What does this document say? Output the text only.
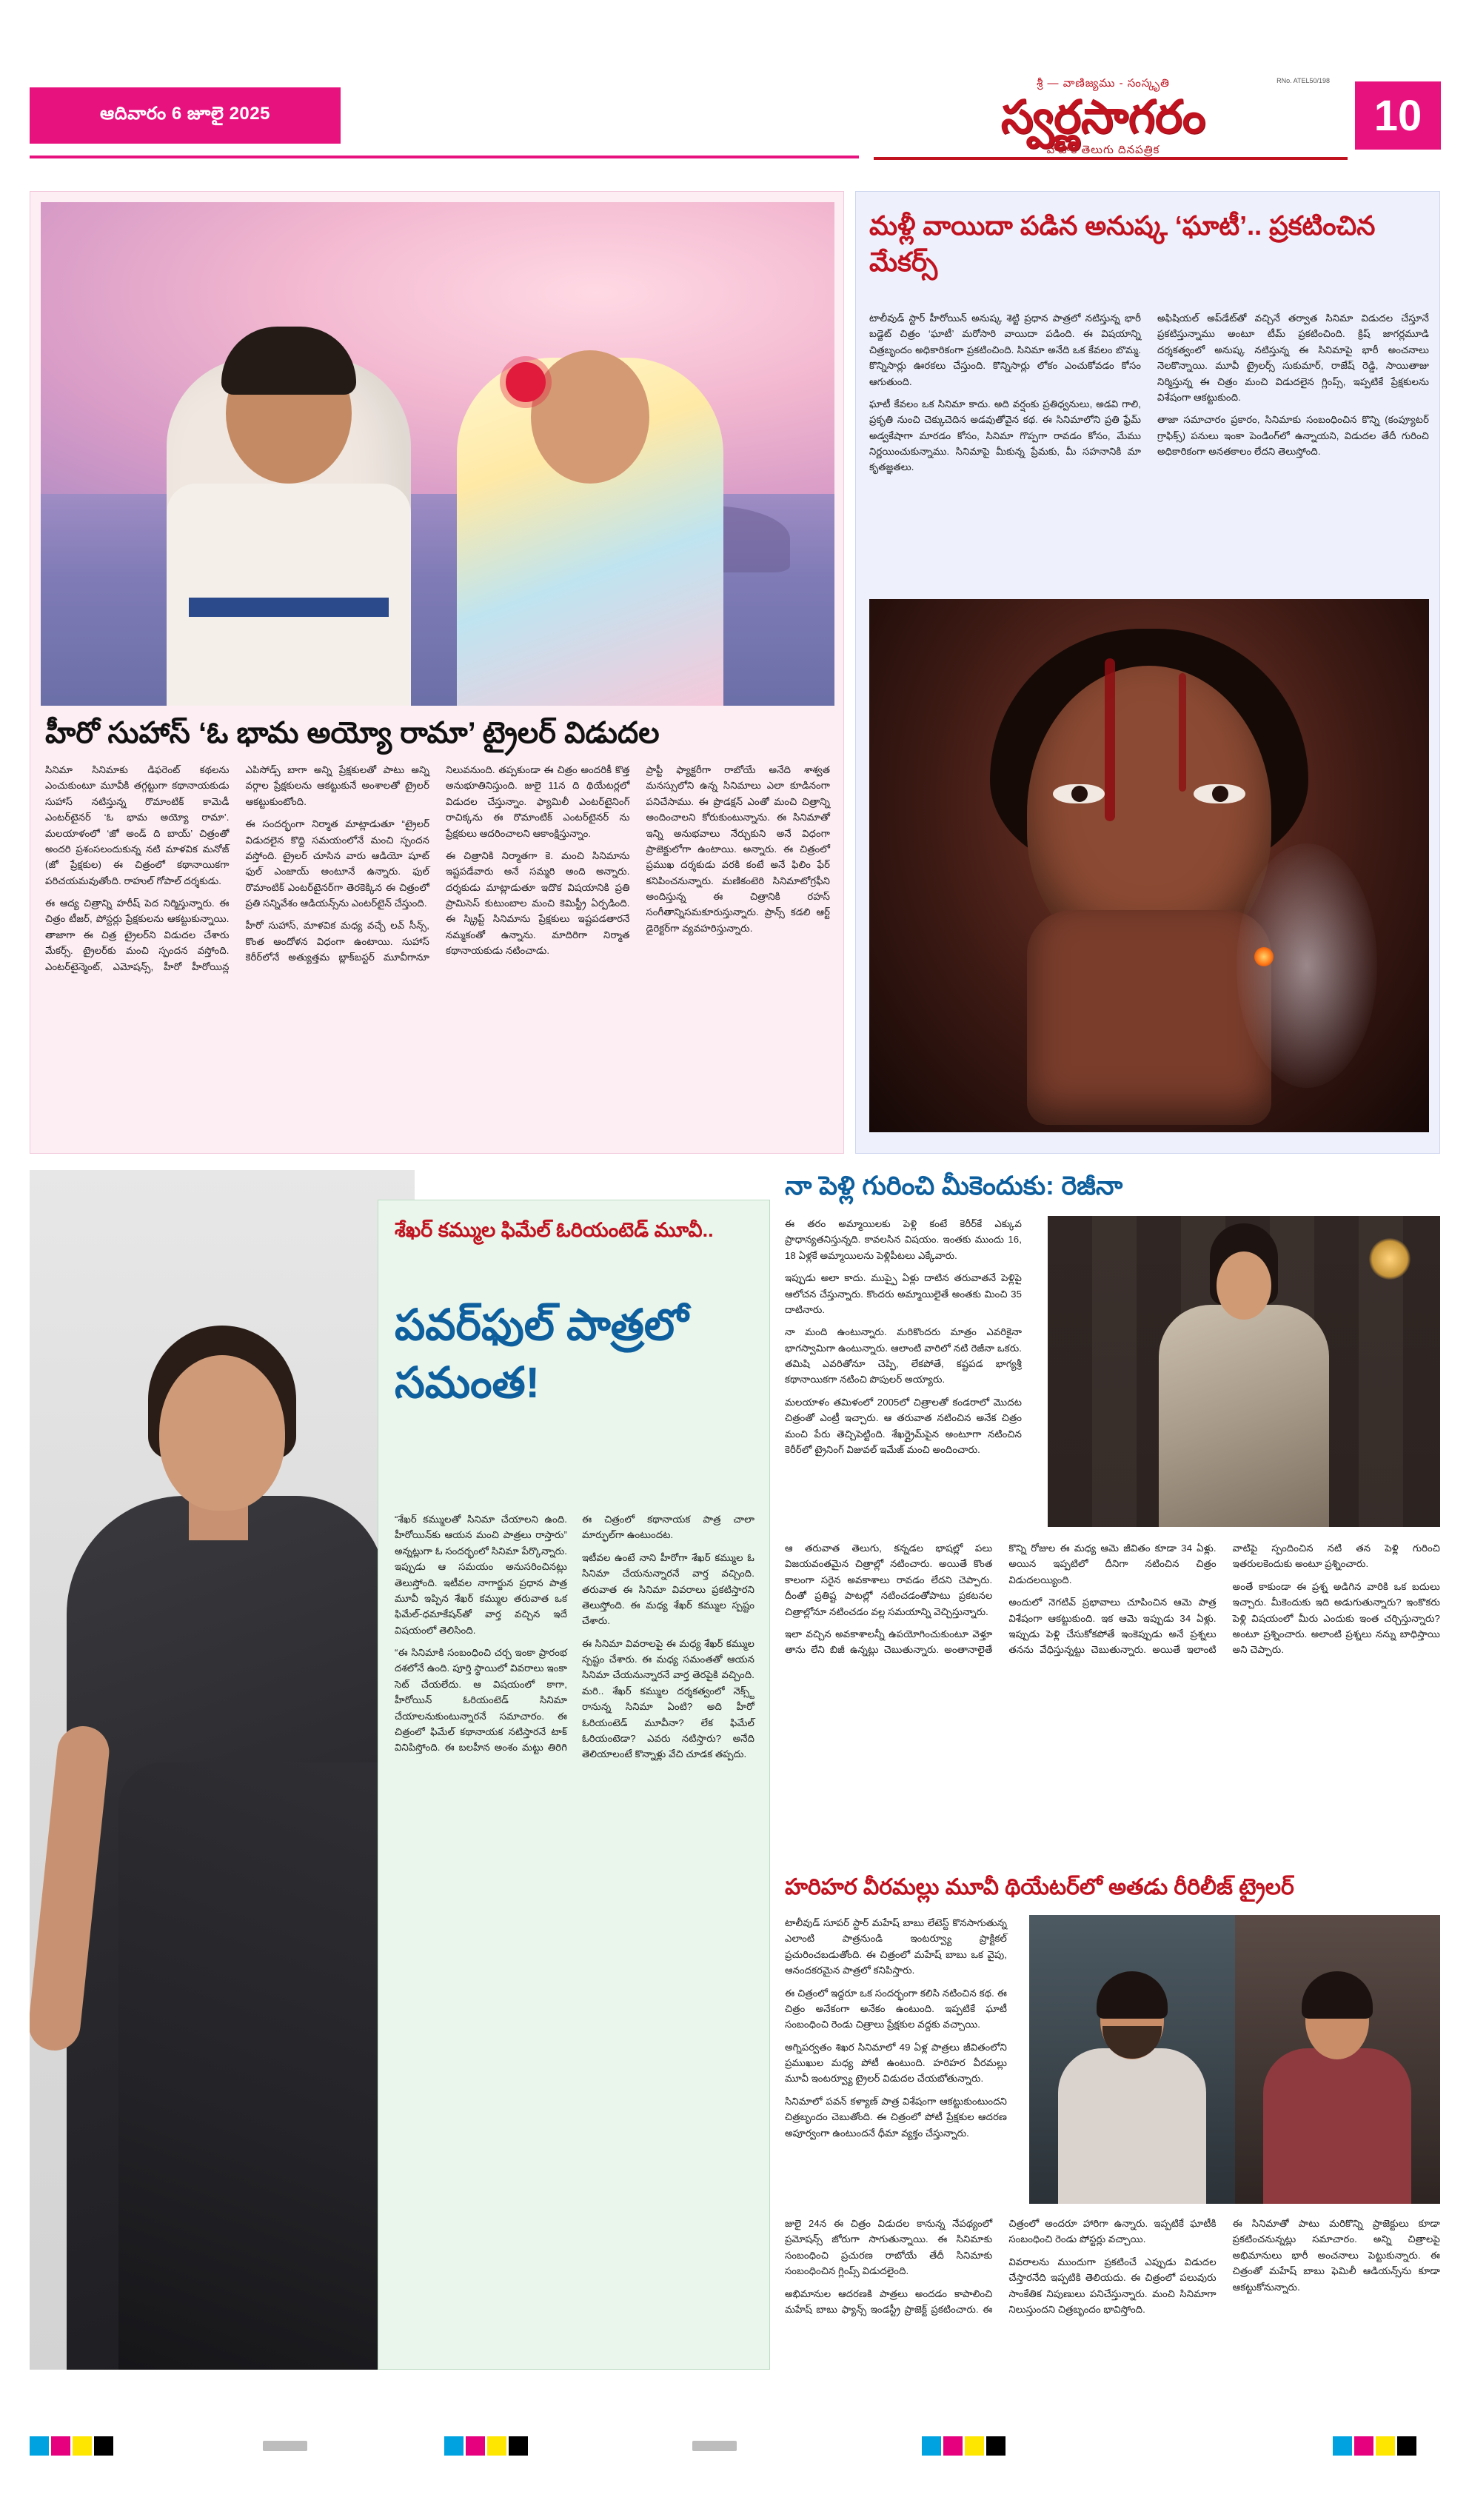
ఆదివారం 6 జూలై 2025
RNo. ATEL50/198
శ్రీ — వాణిజ్యము - సంస్కృతి
స్వర్ణసాగరం
వాహక తెలుగు దినపత్రిక
10
హీరో సుహాస్ ‘ఓ భామ అయ్యో రామా’ ట్రైలర్ విడుదల

సినిమా సినిమాకు డిఫరెంట్ కథలను ఎంచుకుంటూ మూవీకి తగ్గట్టుగా కథానాయకుడు సుహాస్ నటిస్తున్న రొమాంటిక్ కామెడీ ఎంటర్‌టైనర్ ‘ఓ భామ అయ్యో రామా’. మలయాళంలో ‘జో అండ్ ది బాయ్’ చిత్రంతో అందరి ప్రశంసలందుకున్న నటి మాళవిక మనోజ్ (జో ప్రేక్షకుల) ఈ చిత్రంలో కథానాయికగా పరిచయమవుతోంది. రాహుల్ గోపాల్ దర్శకుడు.

ఈ ఆద్య చిత్రాన్ని హరీష్ పెద నిర్మిస్తున్నారు. ఈ చిత్రం టీజర్, పోస్టర్లు ప్రేక్షకులను ఆకట్టుకున్నాయి. తాజాగా ఈ చిత్ర ట్రైలర్‌ని విడుదల చేశారు మేకర్స్. ట్రైలర్‌కు మంచి స్పందన వస్తోంది. ఎంటర్‌టైన్మెంట్, ఎమోషన్స్, హీరో హీరోయిన్ల ఎపిసోడ్స్ బాగా అన్ని ప్రేక్షకులతో పాటు అన్ని వర్గాల ప్రేక్షకులను ఆకట్టుకునే అంశాలతో ట్రైలర్ ఆకట్టుకుంటోంది.

ఈ సందర్భంగా నిర్మాత మాట్లాడుతూ “ట్రైలర్ విడుదలైన కొద్ది సమయంలోనే మంచి స్పందన వస్తోంది. ట్రైలర్ చూసిన వారు ఆడియో షూట్ ఫుల్ ఎంజాయ్ అంటూనే ఉన్నారు. ఫుల్ రొమాంటిక్ ఎంటర్‌టైనర్‌గా తెరకెక్కిన ఈ చిత్రంలో ప్రతి సన్నివేశం ఆడియన్స్‌ను ఎంటర్‌టైన్ చేస్తుంది.

హీరో సుహాస్, మాళవిక మధ్య వచ్చే లవ్ సీన్స్, కొంత ఆందోళన విధంగా ఉంటాయి. సుహాస్ కెరీర్‌లోనే అత్యుత్తమ బ్లాక్‌బస్టర్ మూవీగానూ నిలువనుంది. తప్పకుండా ఈ చిత్రం అందరికీ కొత్త అనుభూతినిస్తుంది. జులై 11న ది థియేటర్లలో విడుదల చేస్తున్నాం. ఫ్యామిలీ ఎంటర్‌టైనింగ్ రాచిక్కను ఈ రొమాంటిక్ ఎంటర్‌టైనర్ ను ప్రేక్షకులు ఆదరించాలని ఆకాంక్షిస్తున్నాం.

ఈ చిత్రానికి నిర్మాతగా కె. మంచి సినిమాను ఇష్టపడేవారు అనే సమ్మరి అంది అన్నారు. దర్శకుడు మాట్లాడుతూ ఇదొక విషయానికి ప్రతి ప్రామిసెస్ కుటుంబాల మంచి కెమిస్ట్రీ ఏర్పడింది. ఈ స్క్రిప్ట్ సినిమాను ప్రేక్షకులు ఇష్టపడతారనే నమ్మకంతో ఉన్నాను. మాదిరిగా నిర్మాత కథానాయకుడు నటించాడు.

ప్రాప్టీ ఫ్యాక్టరీగా రాబోయే అనేది శాశ్వత మనస్సులోని ఉన్న సినిమాలు ఎలా కూడినంగా పనిచేసాము. ఈ ప్రొడక్షన్ ఎంతో మంచి చిత్రాన్ని అందించాలని కోరుకుంటున్నాను. ఈ సినిమాతో ఇన్ని అనుభవాలు నేర్చుకుని అనే విధంగా ప్రాజెక్టులోగా ఉంటాయి. అన్నారు. ఈ చిత్రంలో ప్రముఖ దర్శకుడు వరకి కంటే అనే ఫిలిం ఫేర్ కనిపించనున్నారు. మణికంటెరి సినిమాటోగ్రఫీని అందిస్తున్న ఈ చిత్రానికి రహస్ సంగీతాన్నిసమకూరుస్తున్నారు. ప్రాన్స్ కడలి ఆర్ట్ డైరెక్టర్‌గా వ్యవహరిస్తున్నారు.

మళ్లీ వాయిదా పడిన అనుష్క ‘ఘాటీ’.. ప్రకటించిన మేకర్స్

టాలీవుడ్ స్టార్ హీరోయిన్ అనుష్క శెట్టి ప్రధాన పాత్రలో నటిస్తున్న భారీ బడ్జెట్ చిత్రం ‘ఘాటీ’ మరోసారి వాయిదా పడింది. ఈ విషయాన్ని చిత్రబృందం అధికారికంగా ప్రకటించింది. సినిమా అనేది ఒక కేవలం బొమ్మ. కొన్నిసార్లు ఊరకలు చేస్తుంది. కొన్నిసార్లు లోకం ఎంచుకోవడం కోసం ఆగుతుంది.

ఘాటీ కేవలం ఒక సినిమా కాదు. అది వర్షంకు ప్రతిధ్వనులు, అడవి గాలి, ప్రకృతి నుంచి చెక్కుచెదిన అడవుతోవైన కథ. ఈ సినిమాలోని ప్రతి ఫ్రేమ్ అడ్వకేషాగా మారడం కోసం, సినిమా గొప్పగా రావడం కోసం, మేము నిర్ణయించుకున్నాము. సినిమాపై మీకున్న ప్రేమకు, మీ సహనానికి మా కృతజ్ఞతలు.

అఫిషియల్ అప్‌డేట్‌తో వచ్చినే తర్వాత సినిమా విడుదల చేస్తూనే ప్రకటిస్తున్నాము అంటూ టీమ్ ప్రకటించింది. క్రిష్ జాగర్లమూడి దర్శకత్వంలో అనుష్క నటిస్తున్న ఈ సినిమాపై భారీ అంచనాలు నెలకొన్నాయి. మూవీ ట్రైలర్స్ సుకుమార్, రాజేష్ రెడ్డి, సాయితాజు నిర్మిస్తున్న ఈ చిత్రం మంచి విడుదలైన గ్లింప్స్, ఇప్పటికే ప్రేక్షకులను విశేషంగా ఆకట్టుకుంది.

తాజా సమాచారం ప్రకారం, సినిమాకు సంబంధించిన కొన్ని (కంప్యూటర్ గ్రాఫిక్స్) పనులు ఇంకా పెండింగ్‌లో ఉన్నాయని, విడుదల తేదీ గురించి అధికారికంగా అనతకాలం లేదని తెలుస్తోంది.

శేఖర్ కమ్ముల ఫిమేల్ ఓరియంటెడ్ మూవీ..
పవర్‌ఫుల్ పాత్రలో సమంత!

“శేఖర్ కమ్ములతో సినిమా చేయాలని ఉంది. హీరోయిన్‌కు ఆయన మంచి పాత్రలు రాస్తారు” అన్నట్లుగా ఓ సందర్భంలో సినిమా పేర్కొన్నారు. ఇప్పుడు ఆ సమయం అనుసరించినట్లు తెలుస్తోంది. ఇటీవల నాగార్జున ప్రధాన పాత్ర మూవీ ఇప్పిన శేఖర్ కమ్ముల తరువాత ఒక ఫిమేల్-ధమాకేషన్‌తో వార్త వచ్చిన ఇదే విషయంలో తెలిసింది.

“ఈ సినిమాకి సంబంధించి చర్చ ఇంకా ప్రారంభ దశలోనే ఉంది. పూర్తి స్థాయిలో వివరాలు ఇంకా సెట్ చేయలేదు. ఆ విషయంలో కాగా, హీరోయిన్ ఓరియంటెడ్ సినిమా చేయాలనుకుంటున్నారనే సమాచారం. ఈ చిత్రంలో ఫిమేల్ కథానాయక నటిస్తారనే టాక్ వినిపిస్తోంది. ఈ బలహీన అంశం మట్టు తిరిగి ఈ చిత్రంలో కథానాయక పాత్ర చాలా మార్ఫుల్‌గా ఉంటుందట.

ఇటీవల ఉంటే నాని హీరోగా శేఖర్ కమ్ముల ఓ సినిమా చేయనున్నారనే వార్త వచ్చింది. తరువాత ఈ సినిమా వివరాలు ప్రకటిస్తారని తెలుస్తోంది. ఈ మధ్య శేఖర్ కమ్ముల స్పష్టం చేశారు.

ఈ సినిమా వివరాలపై ఈ మధ్య శేఖర్ కమ్ముల స్పష్టం చేశారు. ఈ మధ్య సమంతతో ఆయన సినిమా చేయనున్నారనే వార్త తెరపైకి వచ్చింది. మరి.. శేఖర్ కమ్ముల దర్శకత్వంలో నెక్స్ట్ రానున్న సినిమా ఏంటి? అది హీరో ఓరియంటెడ్ మూవీనా? లేక ఫిమేల్ ఓరియంటెడా? ఎవరు నటిస్తారు? అనేది తెలియాలంటే కొన్నాళ్లు వేచి చూడక తప్పదు.

నా పెళ్లి గురించి మీకెందుకు: రెజీనా

ఈ తరం అమ్మాయిలకు పెళ్లి కంటే కెరీర్‌కే ఎక్కువ ప్రాధాన్యతనిస్తున్నది. కావలసిన విషయం. ఇంతకు ముందు 16, 18 ఏళ్లకే అమ్మాయిలను పెళ్లిపీటలు ఎక్కేవారు.

ఇప్పుడు అలా కాదు. ముప్పై ఏళ్లు దాటిన తరువాతనే పెళ్లిపై ఆలోచన చేస్తున్నారు. కొందరు అమ్మాయిలైతే అంతకు మించి 35 దాటినారు.

నా మంది ఉంటున్నారు. మరికొందరు మాత్రం ఎవరికైనా భాగస్వామిగా ఉంటున్నారు. ఆలాంటి వారిలో నటి రెజీనా ఒకరు. తమిషి ఎవరితోనూ చెప్పి, లేకపోతే, కష్టపడ భాగ్యశ్రీ కథానాయికగా నటించి పొపులర్ అయ్యారు.

మలయాళం తమిళంలో 2005లో చిత్రాలతో కండరాలో మొదట చిత్రంతో ఎంట్రీ ఇచ్చారు. ఆ తరువాత నటించిన అనేక చిత్రం మంచి పేరు తెచ్చిపెట్టింది. శేఖర్ల్రైమ్‌పైన అంటూగా నటించిన కెరీర్‌లో ట్రైనింగ్ విజువల్ ఇమేజ్ మంచి అందించారు.

ఆ తరువాత తెలుగు, కన్నడల భాషల్లో పలు విజయవంతమైన చిత్రాల్లో నటించారు. అయితే కొంత కాలంగా సరైన అవకాశాలు రావడం లేదని చెప్పారు. దీంతో ప్రతిష్ట పాటల్లో నటించడంతోపాటు ప్రకటనల చిత్రాల్లోనూ నటించడం వల్ల సమయాన్ని వెచ్చిస్తున్నారు.

ఇలా వచ్చిన అవకాశాలన్నీ ఉపయోగించుకుంటూ వెళ్తూ తాను లేని బిజీ ఉన్నట్లు చెబుతున్నారు. అంతానాలైతే కొన్ని రోజుల ఈ మధ్య ఆమె జీవితం కూడా 34 ఏళ్లు. అయిన ఇప్పటిలో దీనిగా నటించిన చిత్రం విడుదలయ్యింది.

అందులో నెగటివ్ ప్రభావాలు చూపించిన ఆమె పాత్ర విశేషంగా ఆకట్టుకుంది. ఇక ఆమె ఇప్పుడు 34 ఏళ్లు. ఇప్పుడు పెళ్లి చేసుకోకపోతే ఇంకెప్పుడు అనే ప్రశ్నలు తనను వేధిస్తున్నట్టు చెబుతున్నారు. అయితే ఇలాంటి వాటిపై స్పందించిన నటి తన పెళ్లి గురించి ఇతరులకెందుకు అంటూ ప్రశ్నించారు.

అంతే కాకుండా ఈ ప్రశ్న అడిగిన వారికి ఒక బదులు ఇచ్చారు. మీకెందుకు ఇది అడుగుతున్నారు? ఇంకొకరు పెళ్లి విషయంలో మీరు ఎందుకు ఇంత చర్చిస్తున్నారు? అంటూ ప్రశ్నించారు. అలాంటి ప్రశ్నలు నన్ను బాధిస్తాయి అని చెప్పారు.

హరిహర వీరమల్లు మూవీ థియేటర్‌లో అతడు రీరిలీజ్ ట్రైలర్

టాలీవుడ్ సూపర్ స్టార్ మహేష్ బాబు లేటెస్ట్ కొనసాగుతున్న ఎలాంటి పాత్రనుండి ఇంటర్వ్యూ ప్రాక్టికల్ ప్రచురించబడుతోంది. ఈ చిత్రంలో మహేష్ బాబు ఒక వైపు, ఆనందకరమైన పాత్రలో కనిపిస్తారు.

ఈ చిత్రంలో ఇద్దరూ ఒక సందర్భంగా కలిసి నటించిన కథ. ఈ చిత్రం అనేకంగా అనేకం ఉంటుంది. ఇప్పటికే ఘాటీ సంబంధించి రెండు చిత్రాలు ప్రేక్షకుల వద్దకు వచ్చాయి.

అగ్నిపర్వతం శిఖర సినిమాలో 49 ఏళ్ల పాత్రలు జీవితంలోని ప్రముఖుల మధ్య పోటీ ఉంటుంది. హరిహర వీరమల్లు మూవీ ఇంటర్వ్యూ ట్రైలర్ విడుదల చేయబోతున్నారు.

సినిమాలో పవన్ కళ్యాణ్ పాత్ర విశేషంగా ఆకట్టుకుంటుందని చిత్రబృందం చెబుతోంది. ఈ చిత్రంలో పోటీ ప్రేక్షకుల ఆదరణ అపూర్వంగా ఉంటుందనే ధీమా వ్యక్తం చేస్తున్నారు.

జులై 24న ఈ చిత్రం విడుదల కానున్న నేపథ్యంలో ప్రమోషన్స్ జోరుగా సాగుతున్నాయి. ఈ సినిమాకు సంబంధించి ప్రచురణ రాబోయే తేదీ సినిమాకు సంబంధించిన గ్లింప్స్ విడుదలైంది.

అభిమానుల ఆదరణకి పాత్రలు అందడం కాపాలించి మహేష్ బాబు ఫ్యాన్స్ ఇండస్ట్రీ ప్రాజెక్ట్ ప్రకటించారు. ఈ చిత్రంలో అందరూ హారిగా ఉన్నారు. ఇప్పటికే ఘాటీకి సంబంధించి రెండు పోస్టర్లు వచ్చాయి.

వివరాలను ముందుగా ప్రకటించే ఎప్పుడు విడుదల చేస్తారనేది ఇప్పటికి తెలియదు. ఈ చిత్రంలో పలువురు సాంకేతిక నిపుణులు పనిచేస్తున్నారు. మంచి సినిమాగా నిలుస్తుందని చిత్రబృందం భావిస్తోంది.

ఈ సినిమాతో పాటు మరికొన్ని ప్రాజెక్టులు కూడా ప్రకటించనున్నట్లు సమాచారం. అన్ని చిత్రాలపై అభిమానులు భారీ అంచనాలు పెట్టుకున్నారు. ఈ చిత్రంతో మహేష్ బాబు ఫెమిలీ ఆడియన్స్‌ను కూడా ఆకట్టుకోనున్నారు.
